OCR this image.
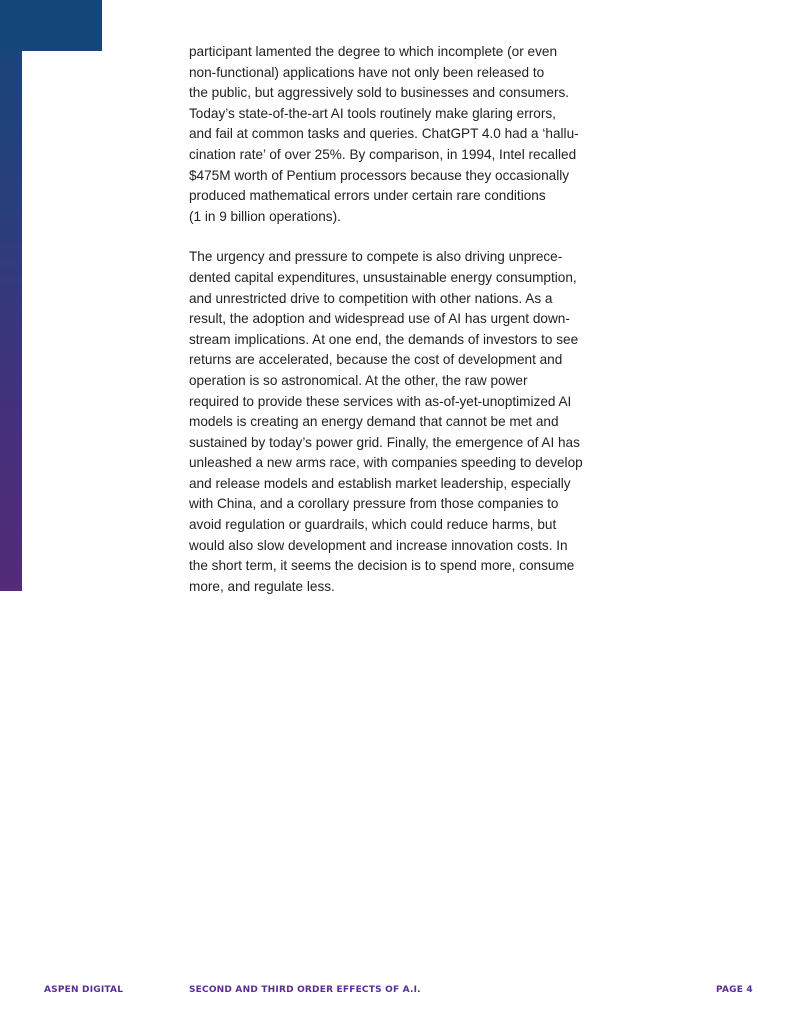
participant lamented the degree to which incomplete (or even
non-functional) applications have not only been released to
the public, but aggressively sold to businesses and consumers.
Today’s state-of-the-art AI tools routinely make glaring errors,
and fail at common tasks and queries. ChatGPT 4.0 had a ‘hallu-
cination rate’ of over 25%. By comparison, in 1994, Intel recalled
$475M worth of Pentium processors because they occasionally
produced mathematical errors under certain rare conditions
(1 in 9 billion operations).

The urgency and pressure to compete is also driving unprece-
dented capital expenditures, unsustainable energy consumption,
and unrestricted drive to competition with other nations. As a
result, the adoption and widespread use of AI has urgent down-
stream implications. At one end, the demands of investors to see
returns are accelerated, because the cost of development and
operation is so astronomical. At the other, the raw power
required to provide these services with as-of-yet-unoptimized AI
models is creating an energy demand that cannot be met and
sustained by today’s power grid. Finally, the emergence of AI has
unleashed a new arms race, with companies speeding to develop
and release models and establish market leadership, especially
with China, and a corollary pressure from those companies to
avoid regulation or guardrails, which could reduce harms, but
would also slow development and increase innovation costs. In
the short term, it seems the decision is to spend more, consume
more, and regulate less.

ASPEN DIGITAL	SECOND AND THIRD ORDER EFFECTS OF A.I.	PAGE 4
